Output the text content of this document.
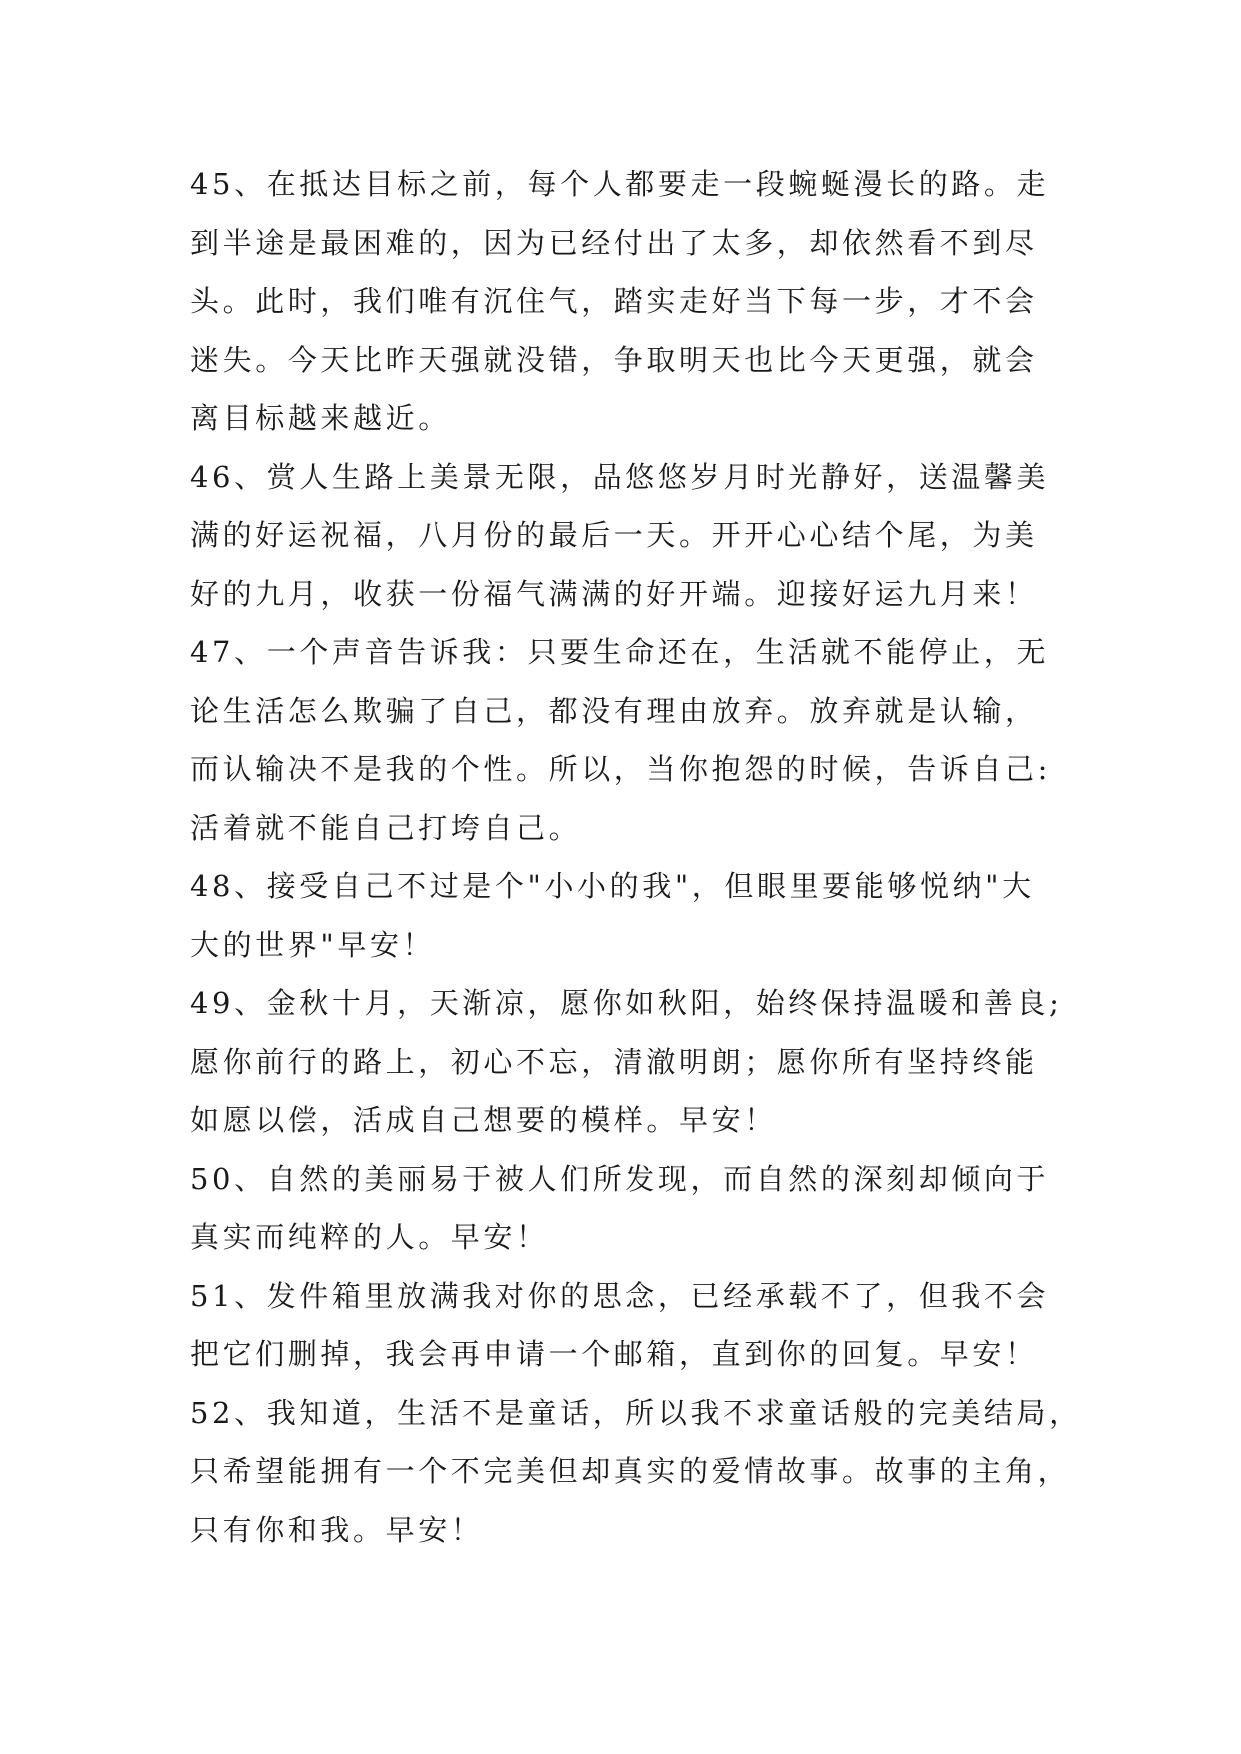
45、在抵达目标之前，每个人都要走一段蜿蜒漫长的路。走
到半途是最困难的，因为已经付出了太多，却依然看不到尽
头。此时，我们唯有沉住气，踏实走好当下每一步，才不会
迷失。今天比昨天强就没错，争取明天也比今天更强，就会
离目标越来越近。
46、赏人生路上美景无限，品悠悠岁月时光静好，送温馨美
满的好运祝福，八月份的最后一天。开开心心结个尾，为美
好的九月，收获一份福气满满的好开端。迎接好运九月来！
47、一个声音告诉我：只要生命还在，生活就不能停止，无
论生活怎么欺骗了自己，都没有理由放弃。放弃就是认输，
而认输决不是我的个性。所以，当你抱怨的时候，告诉自己:
活着就不能自己打垮自己。
48、接受自己不过是个"小小的我"，但眼里要能够悦纳"大
大的世界"早安！
49、金秋十月，天渐凉，愿你如秋阳，始终保持温暖和善良;
愿你前行的路上，初心不忘，清澈明朗；愿你所有坚持终能
如愿以偿，活成自己想要的模样。早安！
50、自然的美丽易于被人们所发现，而自然的深刻却倾向于
真实而纯粹的人。早安！
51、发件箱里放满我对你的思念，已经承载不了，但我不会
把它们删掉，我会再申请一个邮箱，直到你的回复。早安！
52、我知道，生活不是童话，所以我不求童话般的完美结局，
只希望能拥有一个不完美但却真实的爱情故事。故事的主角，
只有你和我。早安！
